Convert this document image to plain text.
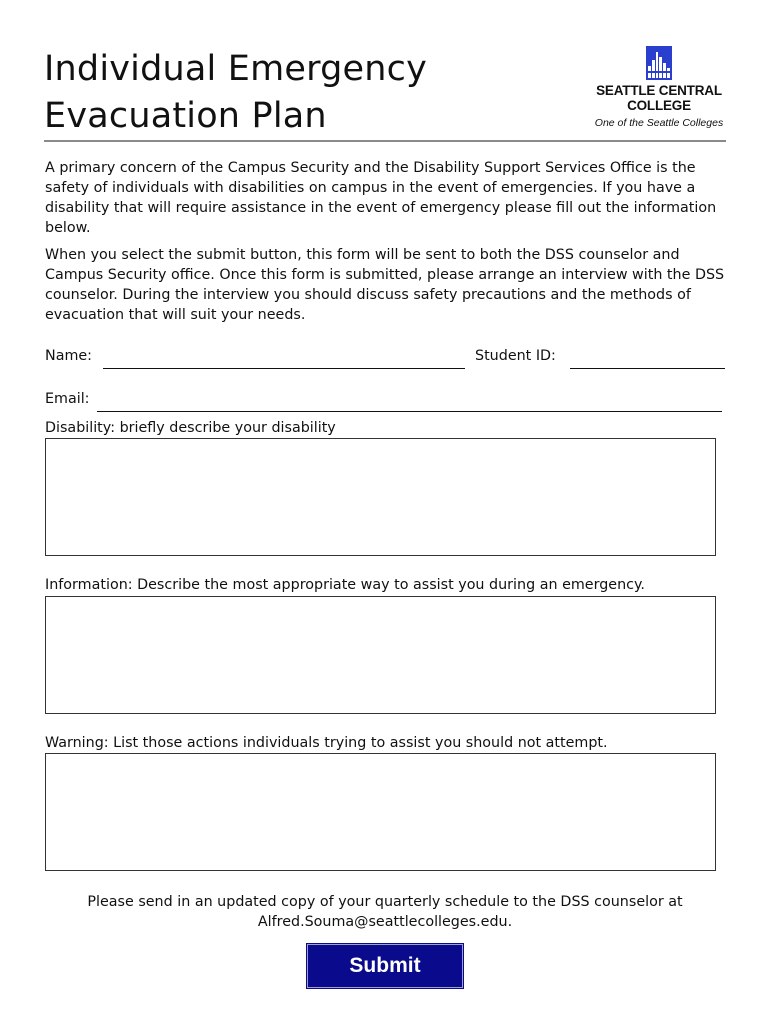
Individual Emergency
Evacuation Plan
SEATTLE CENTRAL
COLLEGE
One of the Seattle Colleges

A primary concern of the Campus Security and the Disability Support Services Office is the safety of individuals with disabilities on campus in the event of emergencies. If you have a disability that will require assistance in the event of emergency please fill out the information below.

When you select the submit button, this form will be sent to both the DSS counselor and Campus Security office. Once this form is submitted, please arrange an interview with the DSS counselor. During the interview you should discuss safety precautions and the methods of evacuation that will suit your needs.

Name:	Student ID:
Email:
Disability: briefly describe your disability
Information: Describe the most appropriate way to assist you during an emergency.
Warning: List those actions individuals trying to assist you should not attempt.

Please send in an updated copy of your quarterly schedule to the DSS counselor at
Alfred.Souma@seattlecolleges.edu.

Submit
